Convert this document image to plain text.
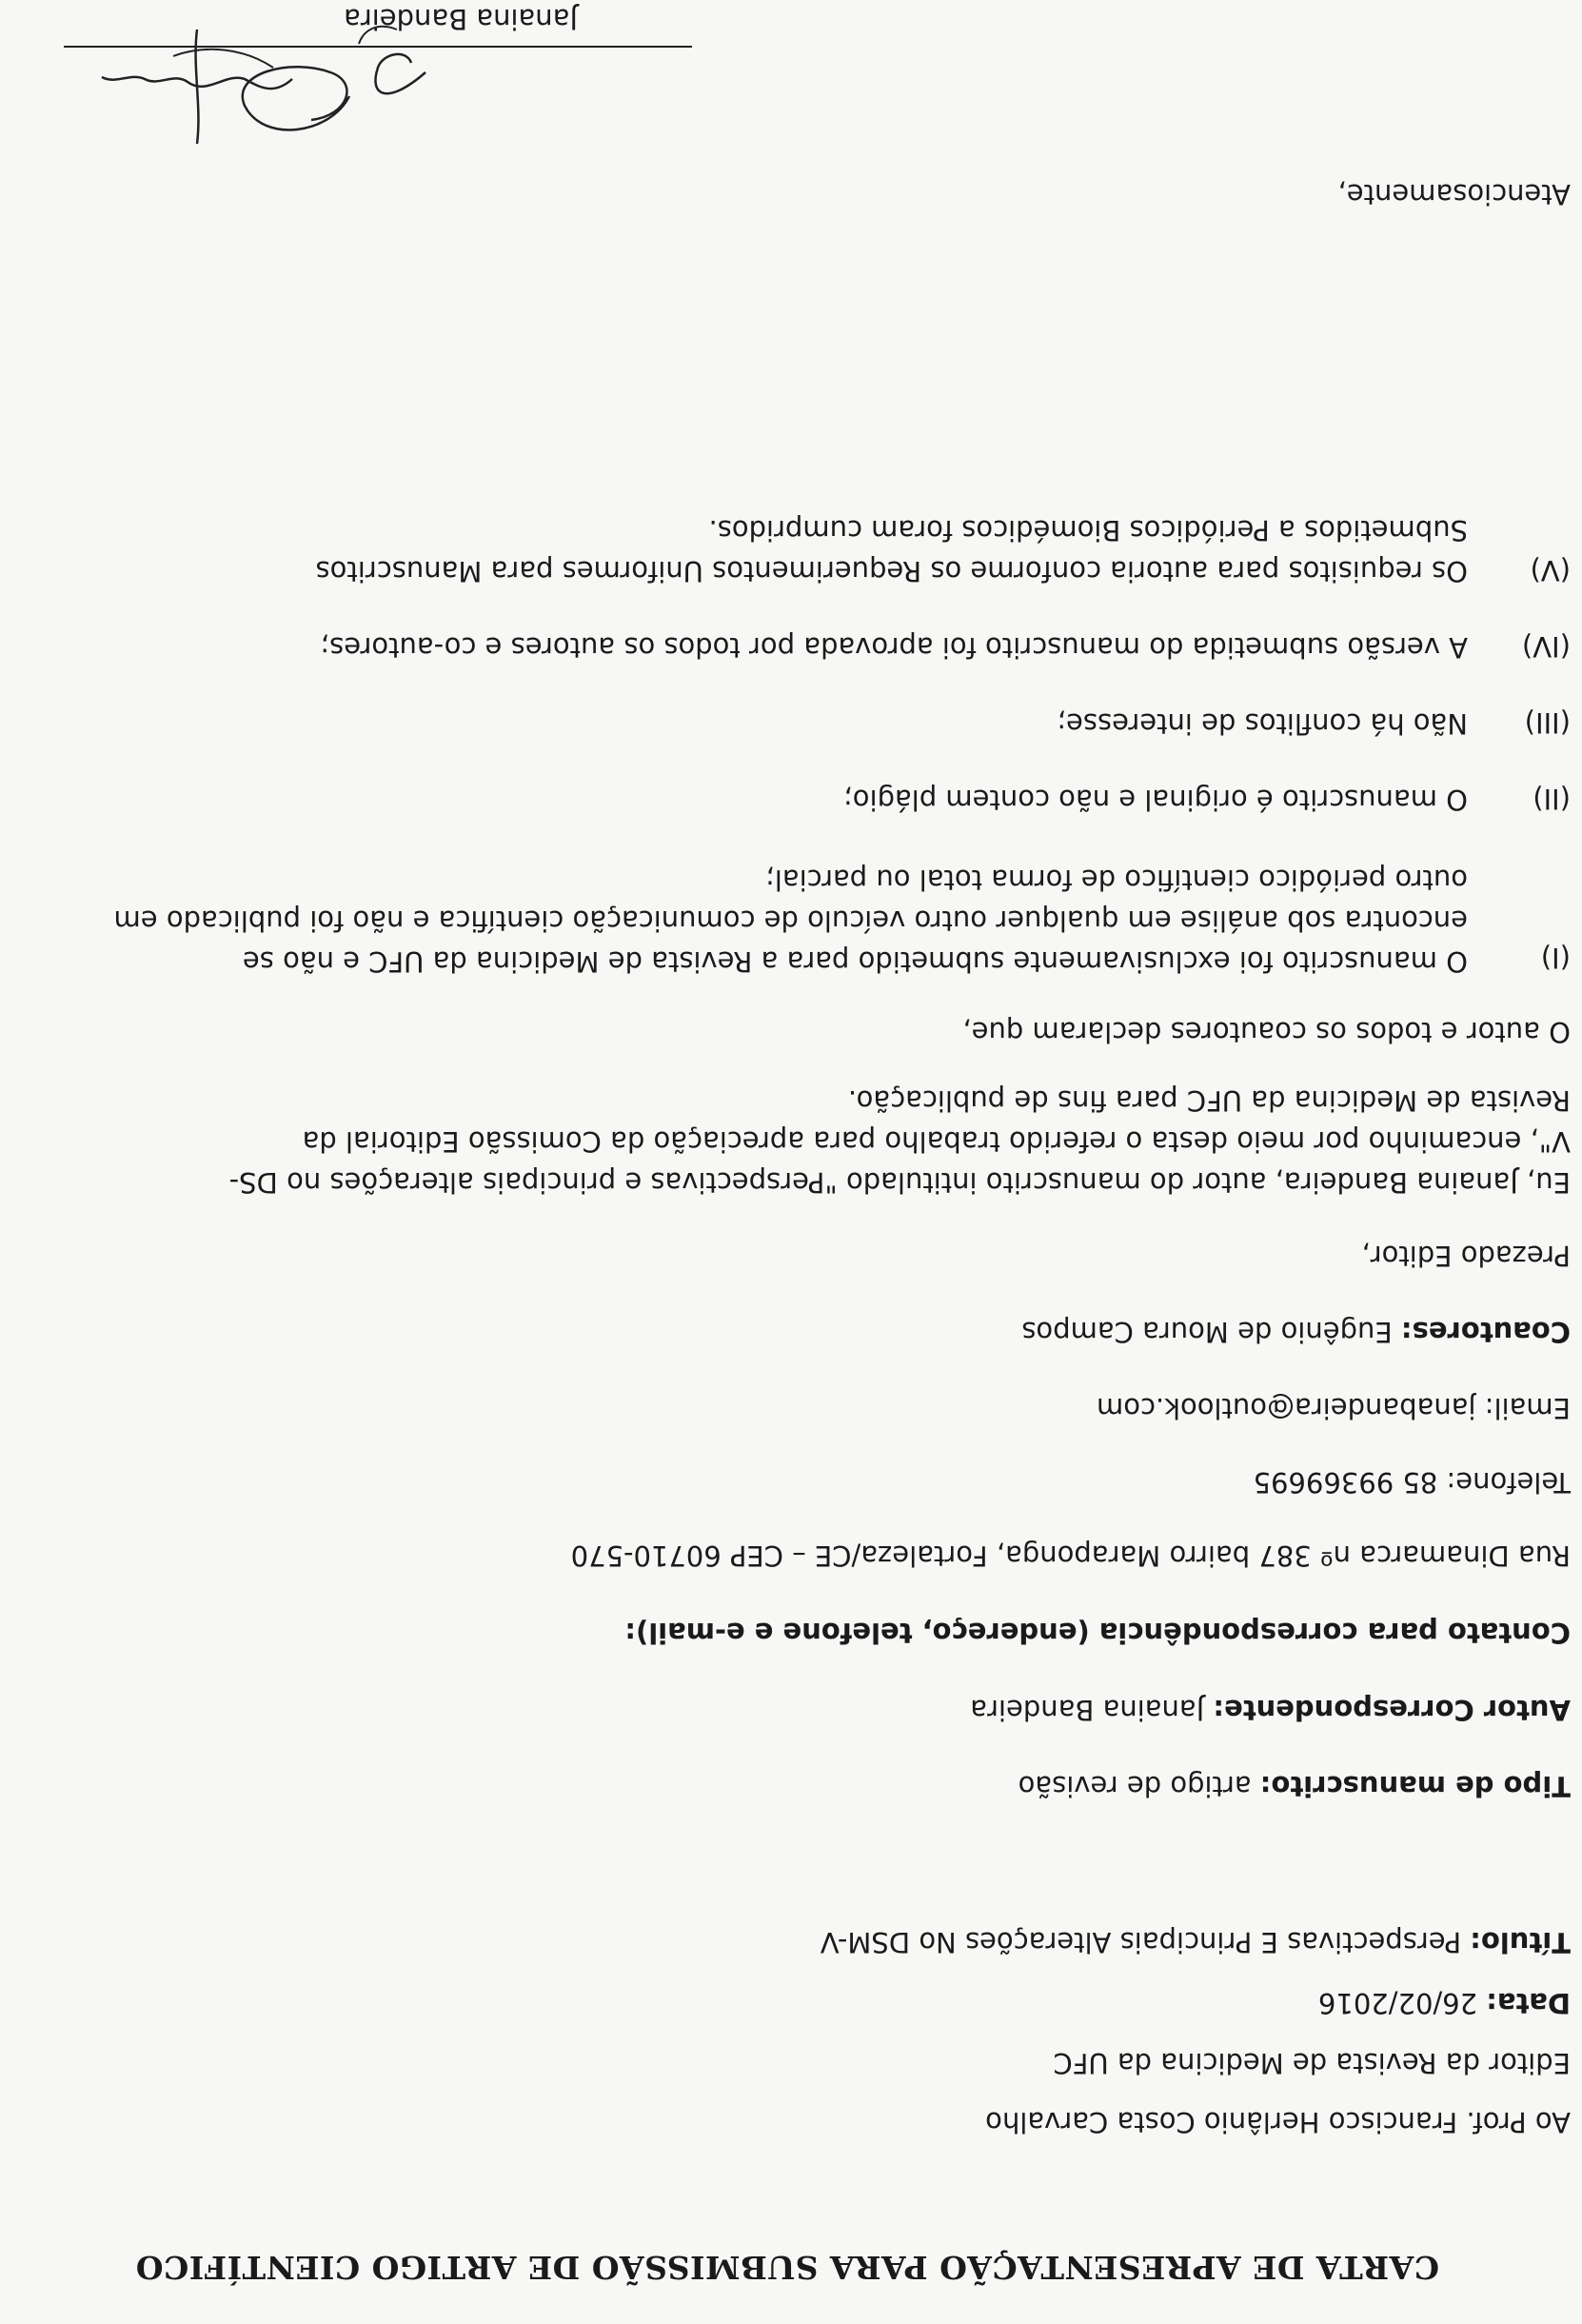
CARTA DE APRESENTAÇÃO PARA SUBMISSÃO DE ARTIGO CIENTÍFICO
Ao Prof. Francisco Herlânio Costa Carvalho
Editor da Revista de Medicina da UFC
Data: 26/02/2016
Título: Perspectivas E Principais Alterações No DSM-V
Tipo de manuscrito: artigo de revisão
Autor Correspondente: Janaina Bandeira
Contato para correspondência (endereço, telefone e e-mail):
Rua Dinamarca nº 387 bairro Maraponga, Fortaleza/CE – CEP 60710-570
Telefone: 85 99369695
Email: janabandeira@outlook.com
Coautores: Eugênio de Moura Campos
Prezado Editor,
Eu, Janaina Bandeira, autor do manuscrito intitulado "Perspectivas e principais alterações no DS-
V", encaminho por meio desta o referido trabalho para apreciação da Comissão Editorial da
Revista de Medicina da UFC para fins de publicação.
O autor e todos os coautores declaram que,
(I)
O manuscrito foi exclusivamente submetido para a Revista de Medicina da UFC e não se
encontra sob análise em qualquer outro veículo de comunicação científica e não foi publicado em
outro periódico científico de forma total ou parcial;
(II)
O manuscrito é original e não contem plágio;
(III)
Não há conflitos de interesse;
(IV)
A versão submetida do manuscrito foi aprovada por todos os autores e co-autores;
(V)
Os requisitos para autoria conforme os Requerimentos Uniformes para Manuscritos
Submetidos a Periódicos Biomédicos foram cumpridos.
Atenciosamente,
Janaina Bandeira
